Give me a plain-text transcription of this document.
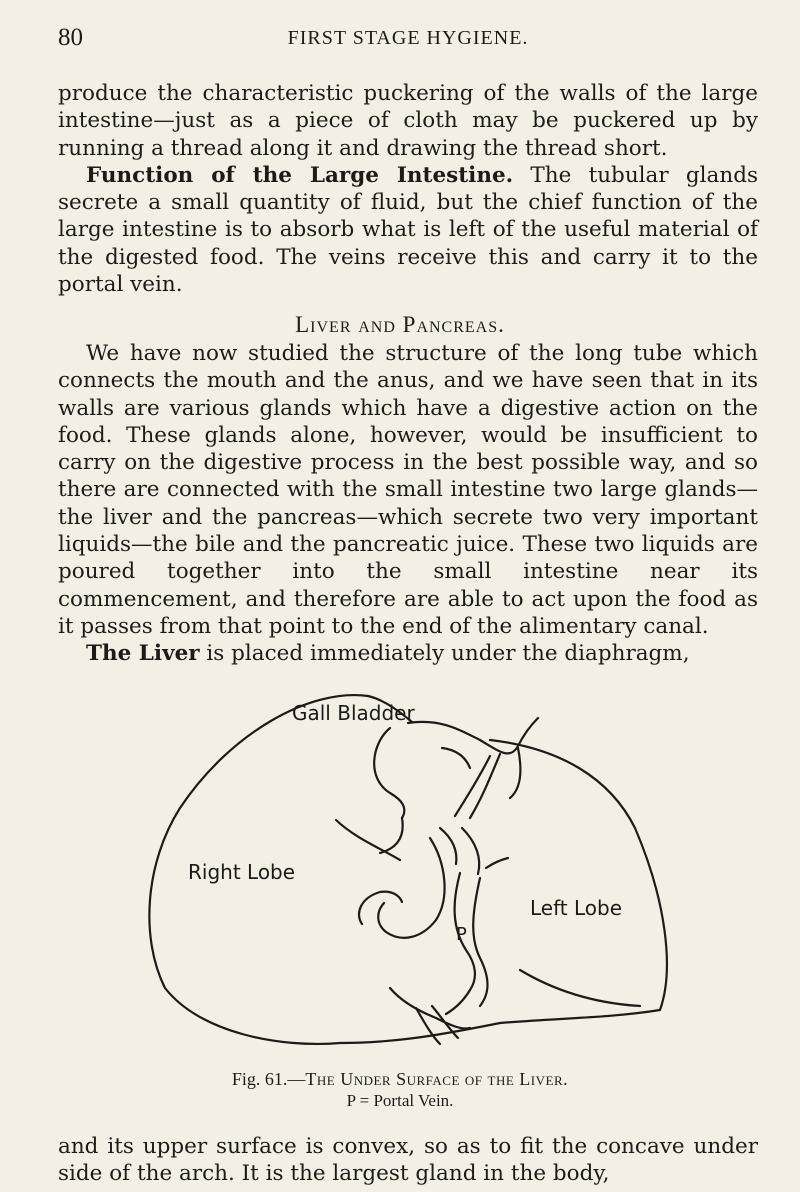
80	FIRST STAGE HYGIENE.

produce the characteristic puckering of the walls of the large intestine—just as a piece of cloth may be puckered up by running a thread along it and drawing the thread short.

Function of the Large Intestine. The tubular glands secrete a small quantity of fluid, but the chief function of the large intestine is to absorb what is left of the useful material of the digested food. The veins receive this and carry it to the portal vein.

Liver and Pancreas.

We have now studied the structure of the long tube which connects the mouth and the anus, and we have seen that in its walls are various glands which have a digestive action on the food. These glands alone, however, would be insufficient to carry on the digestive process in the best possible way, and so there are connected with the small intestine two large glands—the liver and the pancreas—which secrete two very important liquids—the bile and the pancreatic juice. These two liquids are poured together into the small intestine near its commencement, and therefore are able to act upon the food as it passes from that point to the end of the alimentary canal.

The Liver is placed immediately under the diaphragm,

Gall Bladder
Right Lobe
Left Lobe
P
Fig. 61.—The Under Surface of the Liver.
P = Portal Vein.

and its upper surface is convex, so as to fit the concave under side of the arch. It is the largest gland in the body,
